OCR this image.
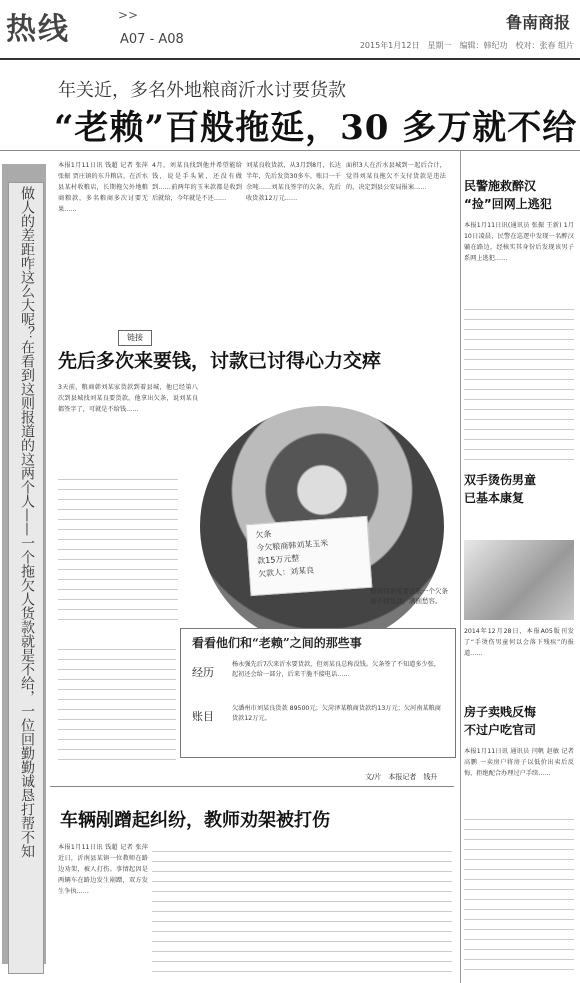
热线	>>
A07 - A08
鲁南商报
2015年1月12日　星期一　编辑：韩纪功　校对：张春 组片
年关近，多名外地粮商沂水讨要货款
“老赖”百般拖延，30 多万就不给
本报1月11日讯 钱超 记者 张萍 张振 贾庄镇的东升粮店，在沂水县某村收粮店，长期拖欠外地粮商粮款，多名粮商多次讨要无果……
4月，刘某良找到他并希望能给钱，说是手头紧，还没有做到……前两年的玉米款都是收到后就给，今年就是不还……
刘某良收货款，从3月到8月，长达半年，先后发货30多车，账目一千余吨……刘某良签字的欠条，先后收货款12万元……
面积3人在沂水县城到一起后合计，觉得刘某良拖欠不支付货款是违法的，决定到县公安局报案……
做人的差距咋这么大呢？在看到这则报道的这两个人——一个拖欠人货款就是不给，一位回勤勤诚恳打帮不知	链接
先后多次来要钱，讨款已讨得心力交瘁
3天前，粮商韩刘某家货款到着县城，他已经第八次到县城找刘某良要货款。他拿出欠条，说刘某良都签字了，可就是不给钱……
欠条
今欠粮商韩刘某玉米
款15万元整
欠款人：刘某良
粮商韩刘某要去张一个欠条拿不到货款，满面愁容。
看看他们和“老赖”之间的那些事
经历
杨永强先后7次来沂水要货款，但刘某良总称没钱。欠条签了不知道多少张，起初还会给一部分，后来干脆不接电话……
账目
欠潘州市刘某良货款 89500元；欠菏泽某粮商货款约13万元；欠河南某粮商货款12万元。
文/片　本报记者　钱升
车辆剐蹭起纠纷，教师劝架被打伤
本报1月11日讯 钱超 记者 张萍 近日，沂南县某镇一位教师在路边劝架，被人打伤。事情起因是两辆车在路边发生剐蹭，双方发生争执……
民警施救醉汉
“捡”回网上逃犯
本报1月11日讯(通讯员 张振 王新) 1月10日凌晨，民警在巡逻中发现一名醉汉躺在路边，经核实其身份后发现该男子系网上逃犯……
双手烫伤男童
已基本康复
2014年12月28日，本报A05版刊发了“手烫伤男童何以会落下残疾”的报道……
房子卖贱反悔
不过户吃官司
本报1月11日讯 通讯员 闫帆 赵敏 记者 高鹏 一卖房户将房子以低价出卖后反悔，拒绝配合办理过户手续……
